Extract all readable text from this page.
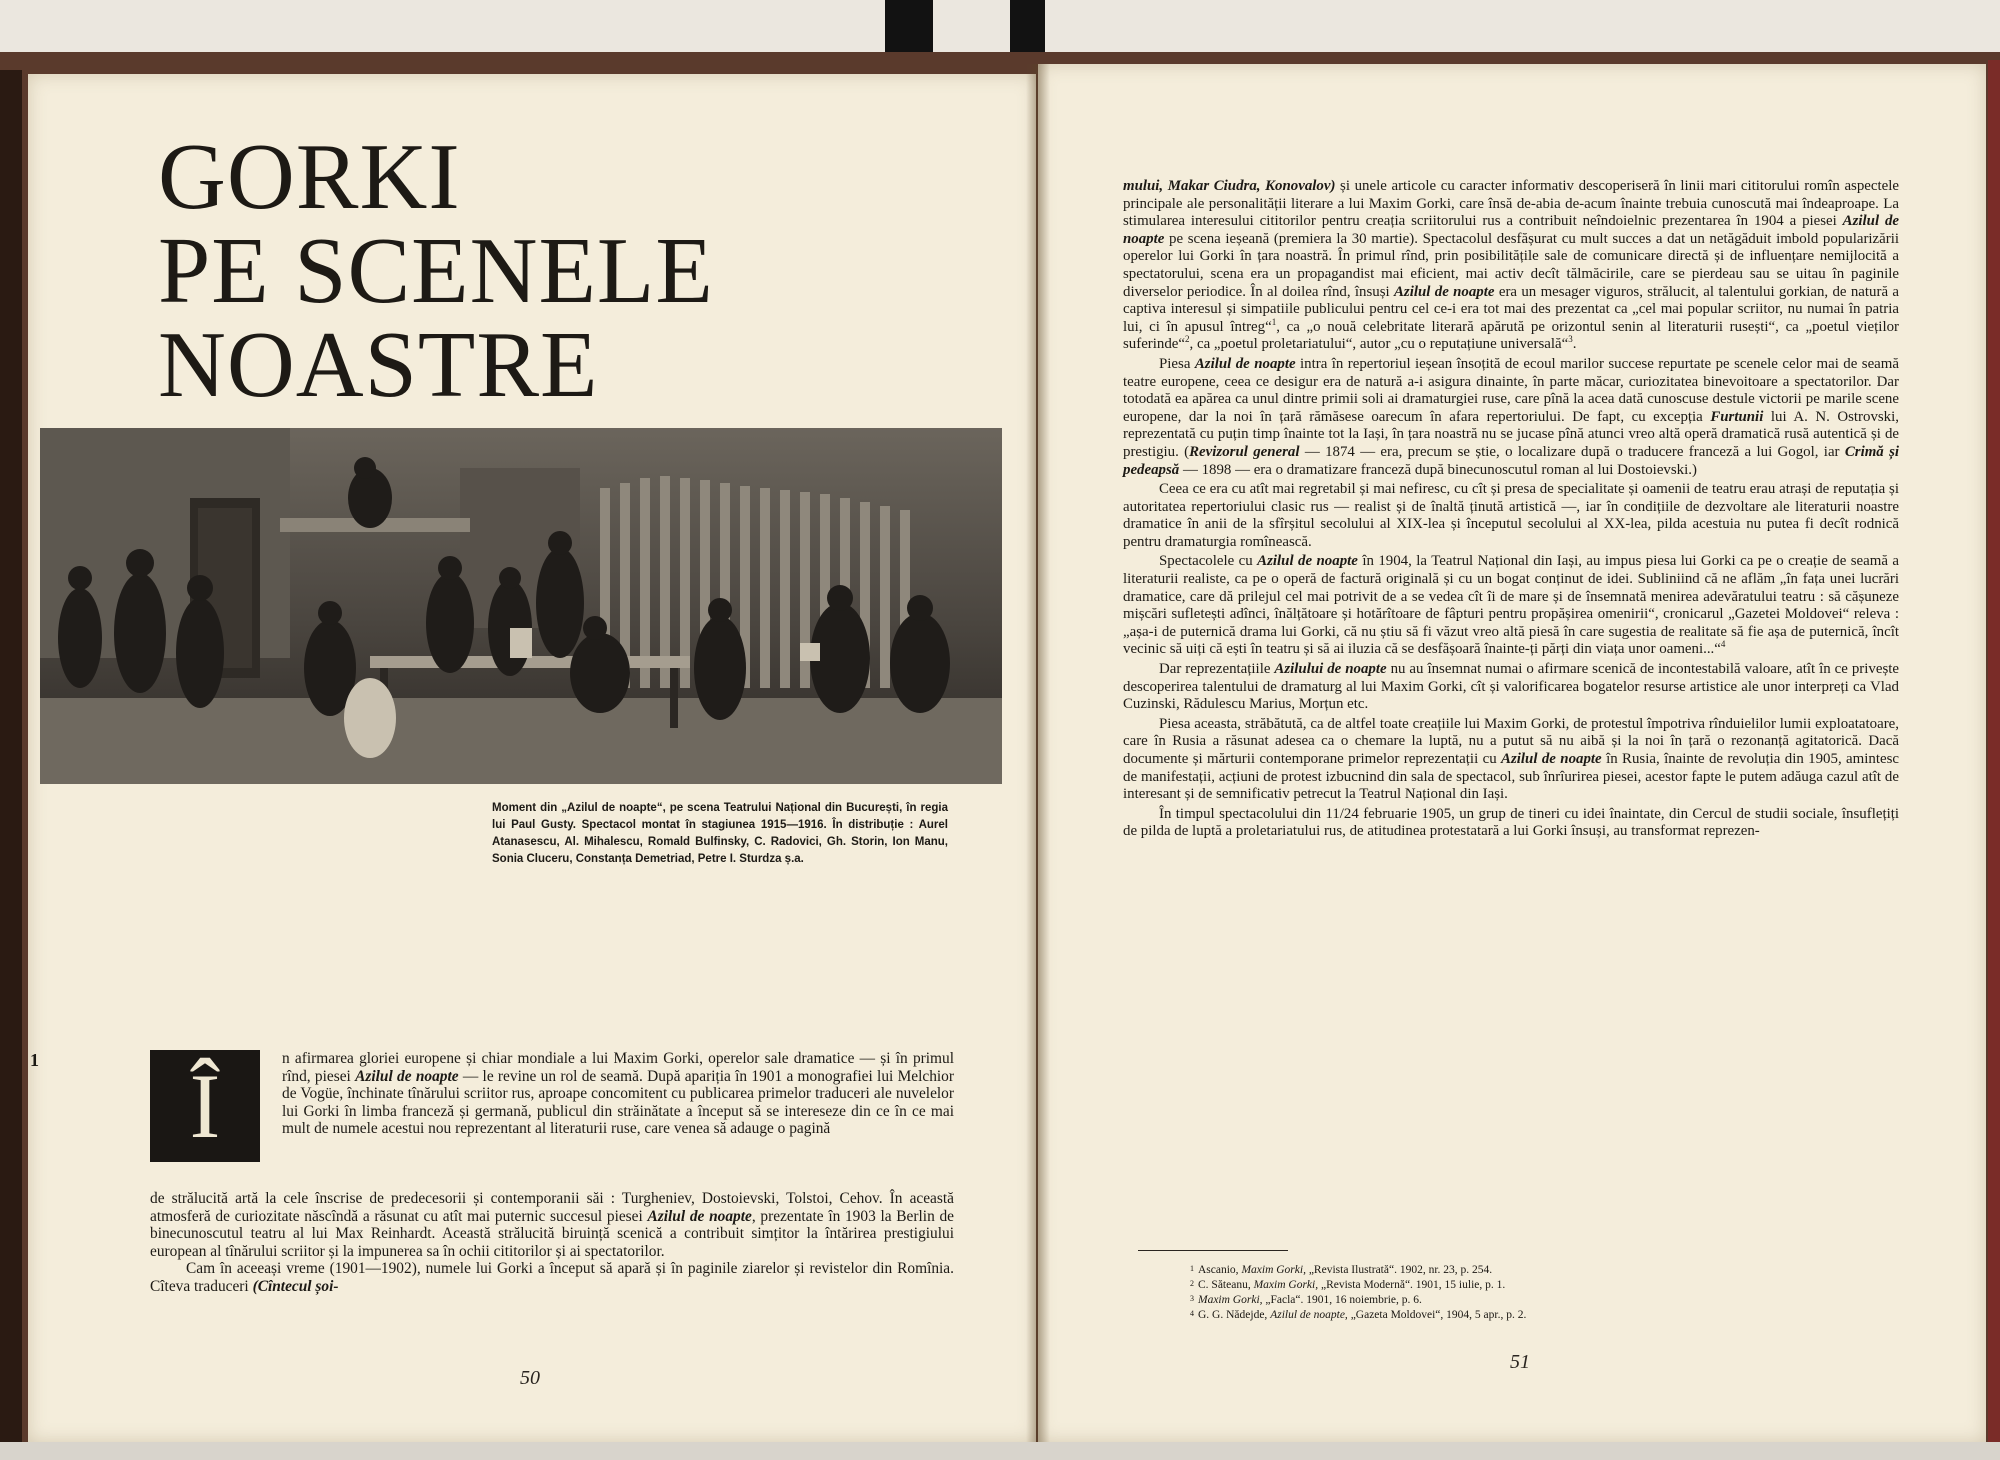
GORKI
PE SCENELE
NOASTRE

Moment din „Azilul de noapte“, pe scena Teatrului Național din București, în regia lui Paul Gusty. Spectacol montat în stagiunea 1915—1916. În distribuție : Aurel Atanasescu, Al. Mihalescu, Romald Bulfinsky, C. Radovici, Gh. Storin, Ion Manu, Sonia Cluceru, Constanța Demetriad, Petre I. Sturdza ș.a.

1	Î	n afirmarea gloriei europene și chiar mondiale a lui Maxim Gorki, operelor sale dramatice — și în primul rînd, piesei Azilul de noapte — le revine un rol de seamă. După apariția în 1901 a monografiei lui Melchior de Vogüe, închinate tînărului scriitor rus, aproape concomitent cu publicarea primelor traduceri ale nuvelelor lui Gorki în limba franceză și germană, publicul din străinătate a început să se intereseze din ce în ce mai mult de numele acestui nou reprezentant al literaturii ruse, care venea să adauge o pagină

de strălucită artă la cele înscrise de predecesorii și contemporanii săi : Turgheniev, Dostoievski, Tolstoi, Cehov. În această atmosferă de curiozitate născîndă a răsunat cu atît mai puternic succesul piesei Azilul de noapte, prezentate în 1903 la Berlin de binecunoscutul teatru al lui Max Reinhardt. Această strălucită biruință scenică a contribuit simțitor la întărirea prestigiului european al tînărului scriitor și la impunerea sa în ochii cititorilor și ai spectatorilor.

Cam în aceeași vreme (1901—1902), numele lui Gorki a început să apară și în paginile ziarelor și revistelor din Romînia. Cîteva traduceri (Cîntecul șoi-

50

mului, Makar Ciudra, Konovalov) și unele articole cu caracter informativ descoperiseră în linii mari cititorului romîn aspectele principale ale personalității literare a lui Maxim Gorki, care însă de-abia de-acum înainte trebuia cunoscută mai îndeaproape. La stimularea interesului cititorilor pentru creația scriitorului rus a contribuit neîndoielnic prezentarea în 1904 a piesei Azilul de noapte pe scena ieșeană (premiera la 30 martie). Spectacolul desfășurat cu mult succes a dat un netăgăduit imbold popularizării operelor lui Gorki în țara noastră. În primul rînd, prin posibilitățile sale de comunicare directă și de influențare nemijlocită a spectatorului, scena era un propagandist mai eficient, mai activ decît tălmăcirile, care se pierdeau sau se uitau în paginile diverselor periodice. În al doilea rînd, însuși Azilul de noapte era un mesager viguros, strălucit, al talentului gorkian, de natură a captiva interesul și simpatiile publicului pentru cel ce-i era tot mai des prezentat ca „cel mai popular scriitor, nu numai în patria lui, ci în apusul întreg“$^1$, ca „o nouă celebritate literară apărută pe orizontul senin al literaturii rusești“, ca „poetul vieților suferinde“$^2$, ca „poetul proletariatului“, autor „cu o reputațiune universală“$^3$.

Piesa Azilul de noapte intra în repertoriul ieșean însoțită de ecoul marilor succese repurtate pe scenele celor mai de seamă teatre europene, ceea ce desigur era de natură a-i asigura dinainte, în parte măcar, curiozitatea binevoitoare a spectatorilor. Dar totodată ea apărea ca unul dintre primii soli ai dramaturgiei ruse, care pînă la acea dată cunoscuse destule victorii pe marile scene europene, dar la noi în țară rămăsese oarecum în afara repertoriului. De fapt, cu excepția Furtunii lui A. N. Ostrovski, reprezentată cu puțin timp înainte tot la Iași, în țara noastră nu se jucase pînă atunci vreo altă operă dramatică rusă autentică și de prestigiu. (Revizorul general — 1874 — era, precum se știe, o localizare după o traducere franceză a lui Gogol, iar Crimă și pedeapsă — 1898 — era o dramatizare franceză după binecunoscutul roman al lui Dostoievski.)

Ceea ce era cu atît mai regretabil și mai nefiresc, cu cît și presa de specialitate și oamenii de teatru erau atrași de reputația și autoritatea repertoriului clasic rus — realist și de înaltă ținută artistică —, iar în condițiile de dezvoltare ale literaturii noastre dramatice în anii de la sfîrșitul secolului al XIX-lea și începutul secolului al XX-lea, pilda acestuia nu putea fi decît rodnică pentru dramaturgia romînească.

Spectacolele cu Azilul de noapte în 1904, la Teatrul Național din Iași, au impus piesa lui Gorki ca pe o creație de seamă a literaturii realiste, ca pe o operă de factură originală și cu un bogat conținut de idei. Subliniind că ne aflăm „în fața unei lucrări dramatice, care dă prilejul cel mai potrivit de a se vedea cît îi de mare și de însemnată menirea adevăratului teatru : să cășuneze mișcări sufletești adînci, înălțătoare și hotărîtoare de fâpturi pentru propășirea omenirii“, cronicarul „Gazetei Moldovei“ releva : „așa-i de puternică drama lui Gorki, că nu știu să fi văzut vreo altă piesă în care sugestia de realitate să fie așa de puternică, încît vecinic să uiți că ești în teatru și să ai iluzia că se desfășoară înainte-ți părți din viața unor oameni...“$^4$

Dar reprezentațiile Azilului de noapte nu au însemnat numai o afirmare scenică de incontestabilă valoare, atît în ce privește descoperirea talentului de dramaturg al lui Maxim Gorki, cît și valorificarea bogatelor resurse artistice ale unor interpreți ca Vlad Cuzinski, Rădulescu Marius, Morțun etc.

Piesa aceasta, străbătută, ca de altfel toate creațiile lui Maxim Gorki, de protestul împotriva rînduielilor lumii exploatatoare, care în Rusia a răsunat adesea ca o chemare la luptă, nu a putut să nu aibă și la noi în țară o rezonanță agitatorică. Dacă documente și mărturii contemporane primelor reprezentații cu Azilul de noapte în Rusia, înainte de revoluția din 1905, amintesc de manifestații, acțiuni de protest izbucnind din sala de spectacol, sub înrîurirea piesei, acestor fapte le putem adăuga cazul atît de interesant și de semnificativ petrecut la Teatrul Național din Iași.

În timpul spectacolului din 11/24 februarie 1905, un grup de tineri cu idei înaintate, din Cercul de studii sociale, însuflețiți de pilda de luptă a proletariatului rus, de atitudinea protestatară a lui Gorki însuși, au transformat reprezen-

1 Ascanio, Maxim Gorki, „Revista Ilustrată“. 1902, nr. 23, p. 254.
2 C. Săteanu, Maxim Gorki, „Revista Modernă“. 1901, 15 iulie, p. 1.
3 Maxim Gorki, „Facla“. 1901, 16 noiembrie, p. 6.
4 G. G. Nădejde, Azilul de noapte, „Gazeta Moldovei“, 1904, 5 apr., p. 2.
51
